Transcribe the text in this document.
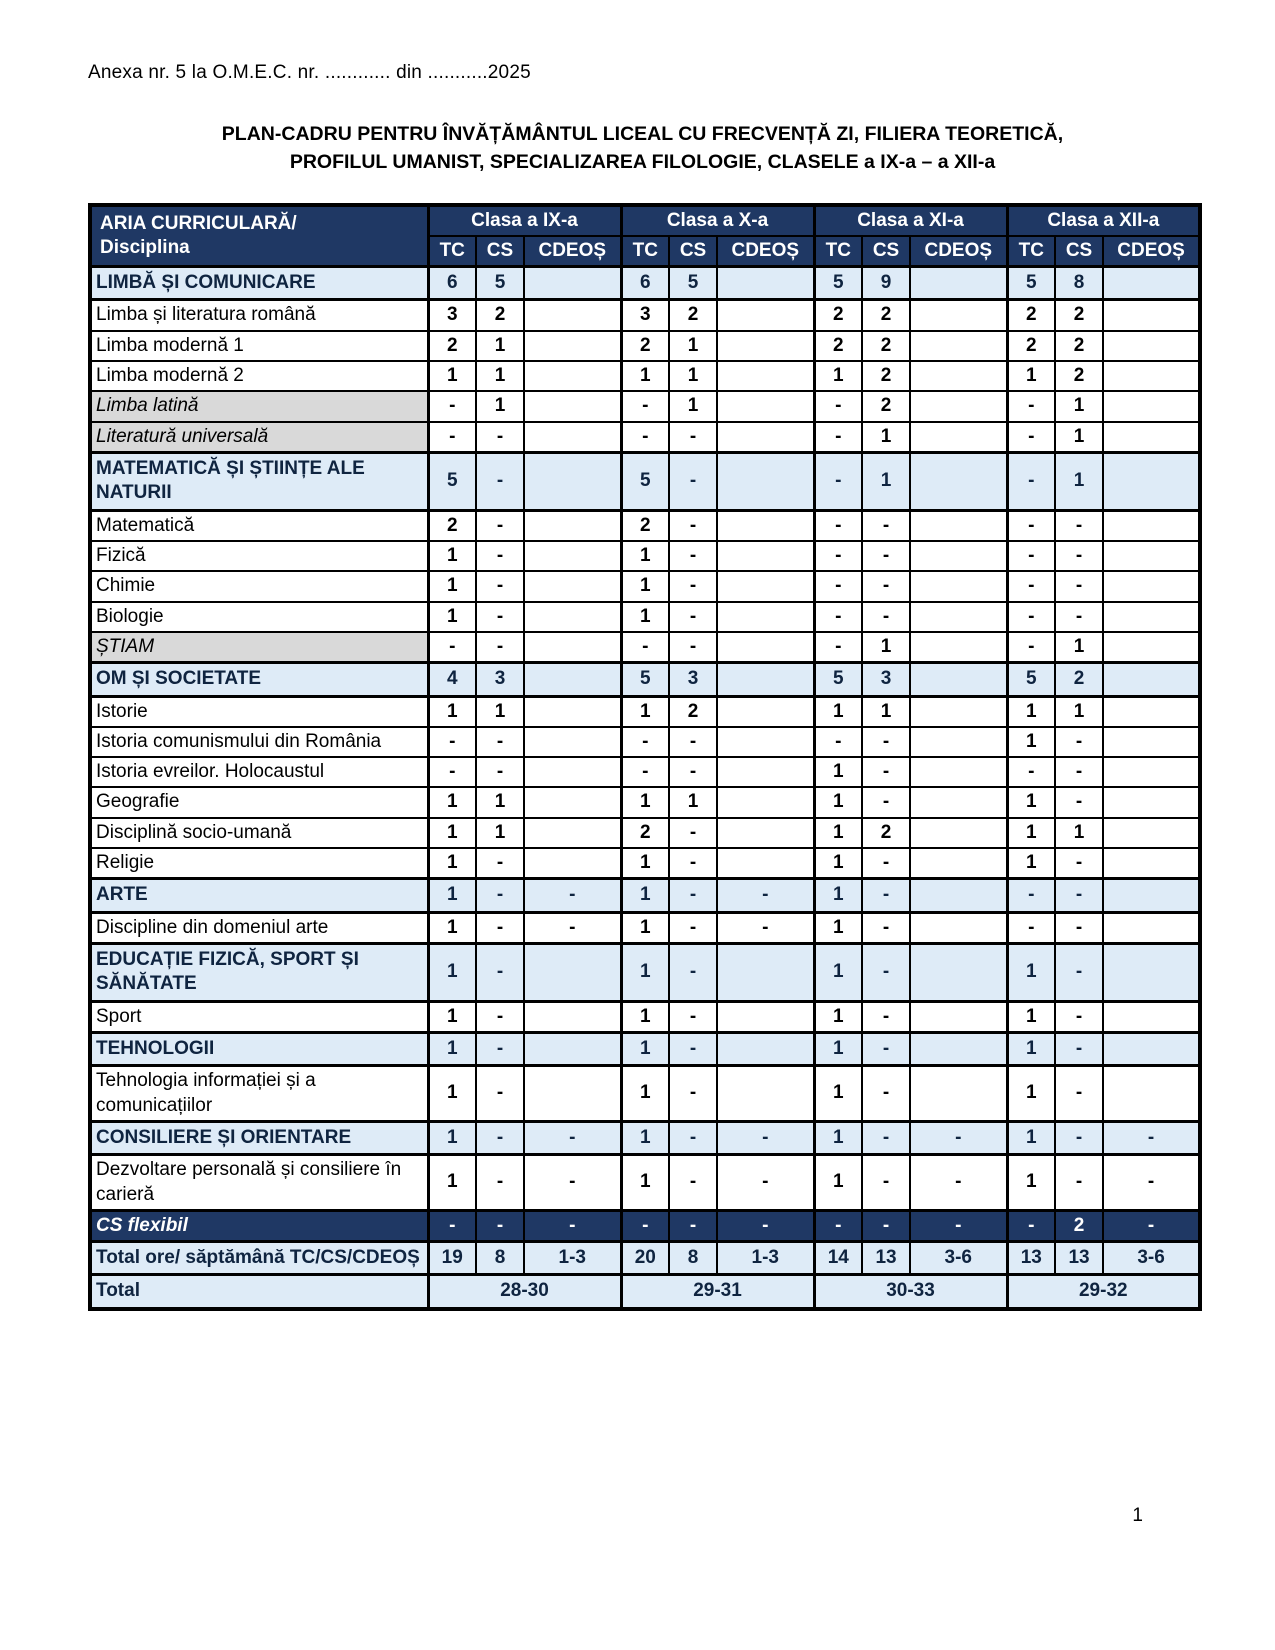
Anexa nr. 5 la O.M.E.C. nr. ............ din ...........2025
PLAN-CADRU PENTRU ÎNVĂȚĂMÂNTUL LICEAL CU FRECVENȚĂ ZI, FILIERA TEORETICĂ,
PROFILUL UMANIST, SPECIALIZAREA FILOLOGIE, CLASELE a IX-a – a XII-a
ARIA CURRICULARĂ/
Disciplina	Clasa a IX-a			Clasa a X-a			Clasa a XI-a			Clasa a XII-a		
	TC	CS	CDEOȘ	TC	CS	CDEOȘ	TC	CS	CDEOȘ	TC	CS	CDEOȘ
LIMBĂ ȘI COMUNICARE	6	5		6	5		5	9		5	8	
Limba și literatura română	3	2		3	2		2	2		2	2	
Limba modernă 1	2	1		2	1		2	2		2	2	
Limba modernă 2	1	1		1	1		1	2		1	2	
Limba latină	-	1		-	1		-	2		-	1	
Literatură universală	-	-		-	-		-	1		-	1	
MATEMATICĂ ȘI ȘTIINȚE ALE NATURII	5	-		5	-		-	1		-	1	
Matematică	2	-		2	-		-	-		-	-	
Fizică	1	-		1	-		-	-		-	-	
Chimie	1	-		1	-		-	-		-	-	
Biologie	1	-		1	-		-	-		-	-	
ȘTIAM	-	-		-	-		-	1		-	1	
OM ȘI SOCIETATE	4	3		5	3		5	3		5	2	
Istorie	1	1		1	2		1	1		1	1	
Istoria comunismului din România	-	-		-	-		-	-		1	-	
Istoria evreilor. Holocaustul	-	-		-	-		1	-		-	-	
Geografie	1	1		1	1		1	-		1	-	
Disciplină socio-umană	1	1		2	-		1	2		1	1	
Religie	1	-		1	-		1	-		1	-	
ARTE	1	-	-	1	-	-	1	-		-	-	
Discipline din domeniul arte	1	-	-	1	-	-	1	-		-	-	
EDUCAȚIE FIZICĂ, SPORT ȘI SĂNĂTATE	1	-		1	-		1	-		1	-	
Sport	1	-		1	-		1	-		1	-	
TEHNOLOGII	1	-		1	-		1	-		1	-	
Tehnologia informației și a comunicațiilor	1	-		1	-		1	-		1	-	
CONSILIERE ȘI ORIENTARE	1	-	-	1	-	-	1	-	-	1	-	-
Dezvoltare personală și consiliere în carieră	1	-	-	1	-	-	1	-	-	1	-	-
CS flexibil	-	-	-	-	-	-	-	-	-	-	2	-
Total ore/ săptămână TC/CS/CDEOȘ	19	8	1-3	20	8	1-3	14	13	3-6	13	13	3-6
Total	28-30			29-31			30-33			29-32		
1
